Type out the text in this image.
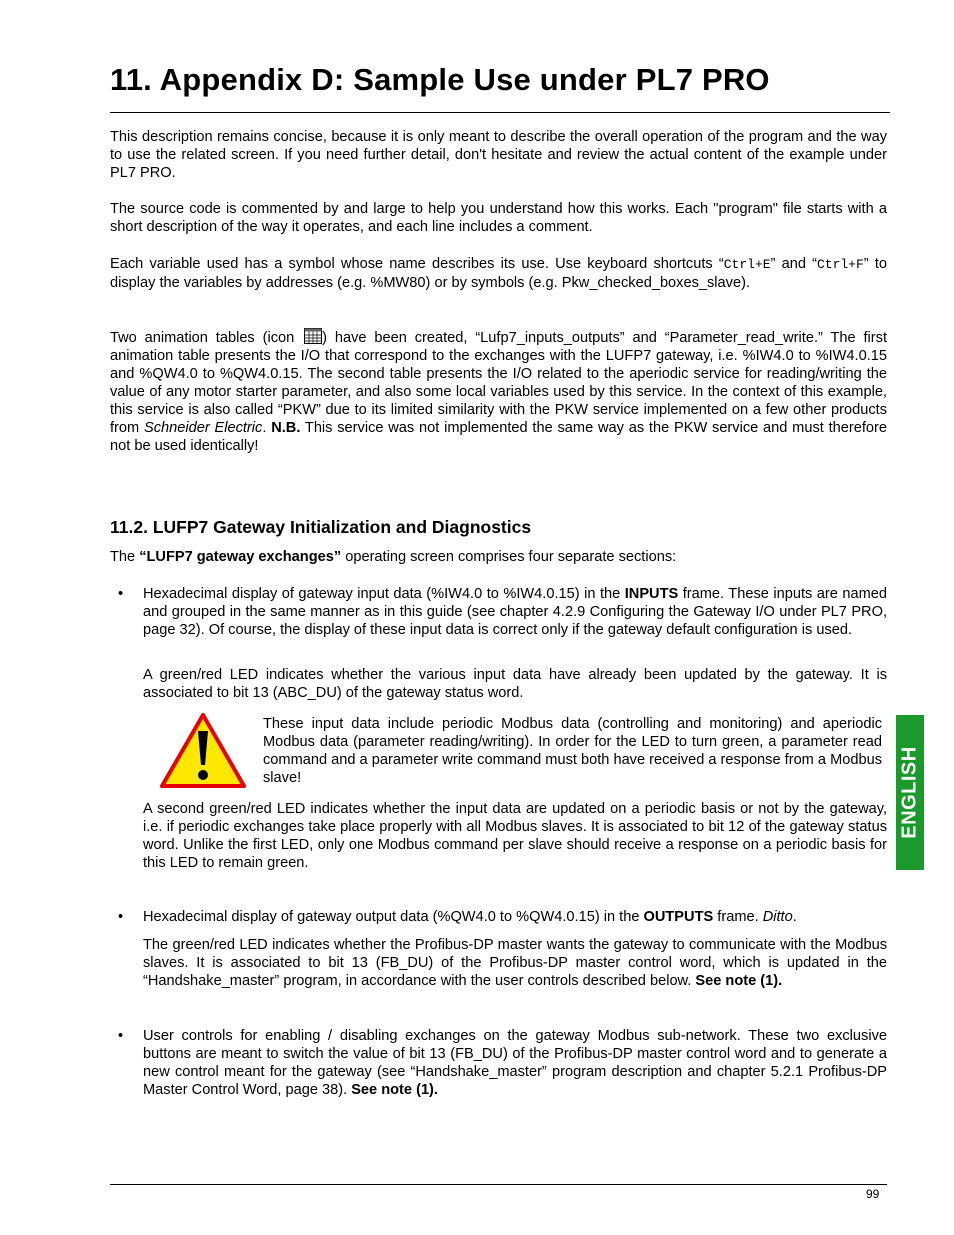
11. Appendix D: Sample Use under PL7 PRO

This description remains concise, because it is only meant to describe the overall operation of the program and the way to use the related screen. If you need further detail, don't hesitate and review the actual content of the example under PL7 PRO.

The source code is commented by and large to help you understand how this works. Each "program" file starts with a short description of the way it operates, and each line includes a comment.

Each variable used has a symbol whose name describes its use. Use keyboard shortcuts “Ctrl+E” and “Ctrl+F” to display the variables by addresses (e.g. %MW80) or by symbols (e.g. Pkw_checked_boxes_slave).

Two animation tables (icon ) have been created, “Lufp7_inputs_outputs” and “Parameter_read_write.” The first animation table presents the I/O that correspond to the exchanges with the LUFP7 gateway, i.e. %IW4.0 to %IW4.0.15 and %QW4.0 to %QW4.0.15. The second table presents the I/O related to the aperiodic service for reading/writing the value of any motor starter parameter, and also some local variables used by this service. In the context of this example, this service is also called “PKW” due to its limited similarity with the PKW service implemented on a few other products from Schneider Electric. N.B. This service was not implemented the same way as the PKW service and must therefore not be used identically!

11.2. LUFP7 Gateway Initialization and Diagnostics

The “LUFP7 gateway exchanges” operating screen comprises four separate sections:

• Hexadecimal display of gateway input data (%IW4.0 to %IW4.0.15) in the INPUTS frame. These inputs are named and grouped in the same manner as in this guide (see chapter 4.2.9 Configuring the Gateway I/O under PL7 PRO, page 32). Of course, the display of these input data is correct only if the gateway default configuration is used.

A green/red LED indicates whether the various input data have already been updated by the gateway. It is associated to bit 13 (ABC_DU) of the gateway status word.

These input data include periodic Modbus data (controlling and monitoring) and aperiodic Modbus data (parameter reading/writing). In order for the LED to turn green, a parameter read command and a parameter write command must both have received a response from a Modbus slave!

A second green/red LED indicates whether the input data are updated on a periodic basis or not by the gateway, i.e. if periodic exchanges take place properly with all Modbus slaves. It is associated to bit 12 of the gateway status word. Unlike the first LED, only one Modbus command per slave should receive a response on a periodic basis for this LED to remain green.

• Hexadecimal display of gateway output data (%QW4.0 to %QW4.0.15) in the OUTPUTS frame. Ditto.

The green/red LED indicates whether the Profibus-DP master wants the gateway to communicate with the Modbus slaves. It is associated to bit 13 (FB_DU) of the Profibus-DP master control word, which is updated in the “Handshake_master” program, in accordance with the user controls described below. See note (1).

• User controls for enabling / disabling exchanges on the gateway Modbus sub-network. These two exclusive buttons are meant to switch the value of bit 13 (FB_DU) of the Profibus-DP master control word and to generate a new control meant for the gateway (see “Handshake_master” program description and chapter 5.2.1 Profibus-DP Master Control Word, page 38). See note (1).

ENGLISH
99
